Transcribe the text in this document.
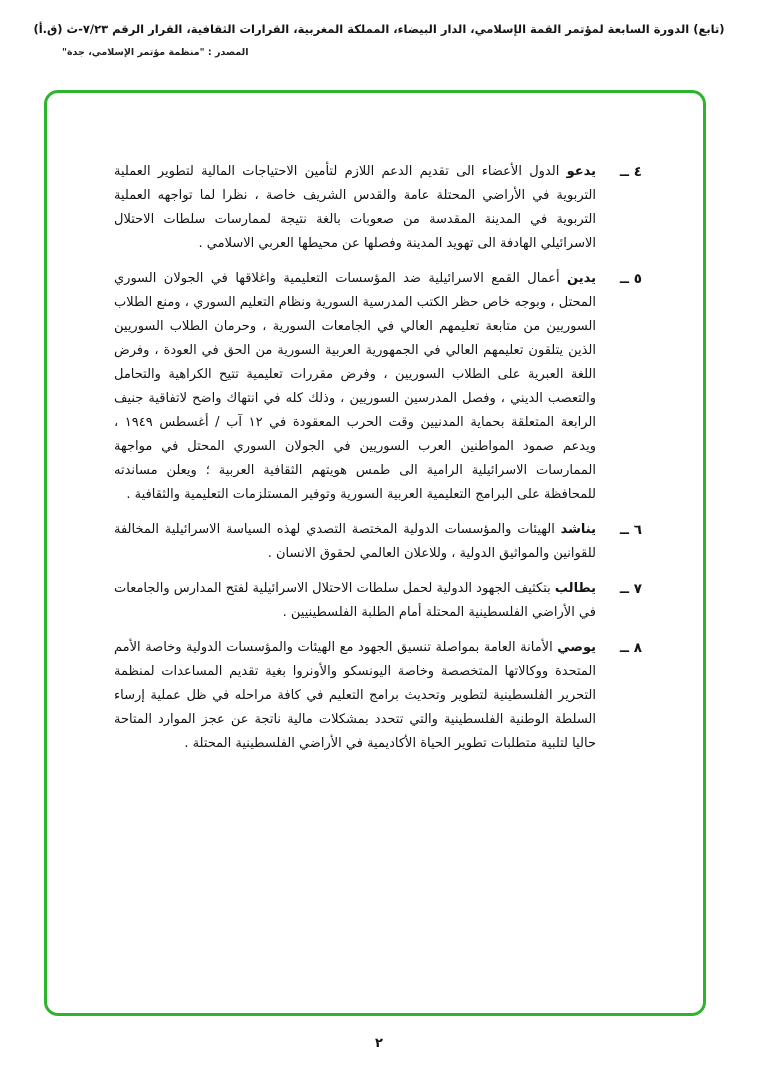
(تابع) الدورة السابعة لمؤتمر القمة الإسلامي، الدار البيضاء، المملكة المغربية، القرارات الثقافية، القرار الرقم ٧/٢٣-ث (ق.أ)
المصدر : "منظمة مؤتمر الإسلامي، جدة"
٤ ــ

يدعو الدول الأعضاء الى تقديم الدعم اللازم لتأمين الاحتياجات المالية لتطوير العملية التربوية في الأراضي المحتلة عامة والقدس الشريف خاصة ، نظرا لما تواجهه العملية التربوية في المدينة المقدسة من صعوبات بالغة نتيجة لممارسات سلطات الاحتلال الاسرائيلي الهادفة الى تهويد المدينة وفصلها عن محيطها العربي الاسلامي .

٥ ــ

يدين أعمال القمع الاسرائيلية ضد المؤسسات التعليمية واغلاقها في الجولان السوري المحتل ، وبوجه خاص حظر الكتب المدرسية السورية ونظام التعليم السوري ، ومنع الطلاب السوريين من متابعة تعليمهم العالي في الجامعات السورية ، وحرمان الطلاب السوريين الذين يتلقون تعليمهم العالي في الجمهورية العربية السورية من الحق في العودة ، وفرض اللغة العبرية على الطلاب السوريين ، وفرض مقررات تعليمية تتيح الكراهية والتحامل والتعصب الديني ، وفصل المدرسين السوريين ، وذلك كله في انتهاك واضح لاتفاقية جنيف الرابعة المتعلقة بحماية المدنيين وقت الحرب المعقودة في ١٢ آب / أغسطس ١٩٤٩ ، ويدعم صمود المواطنين العرب السوريين في الجولان السوري المحتل في مواجهة الممارسات الاسرائيلية الرامية الى طمس هويتهم الثقافية العربية ؛ ويعلن مساندته للمحافظة على البرامج التعليمية العربية السورية وتوفير المستلزمات التعليمية والثقافية .

٦ ــ

يناشد الهيئات والمؤسسات الدولية المختصة التصدي لهذه السياسة الاسرائيلية المخالفة للقوانين والمواثيق الدولية ، وللاعلان العالمي لحقوق الانسان .

٧ ــ

يطالب بتكثيف الجهود الدولية لحمل سلطات الاحتلال الاسرائيلية لفتح المدارس والجامعات في الأراضي الفلسطينية المحتلة أمام الطلبة الفلسطينيين .

٨ ــ

يوصي الأمانة العامة بمواصلة تنسيق الجهود مع الهيئات والمؤسسات الدولية وخاصة الأمم المتحدة ووكالاتها المتخصصة وخاصة اليونسكو والأونروا بغية تقديم المساعدات لمنظمة التحرير الفلسطينية لتطوير وتحديث برامج التعليم في كافة مراحله في ظل عملية إرساء السلطة الوطنية الفلسطينية والتي تتحدد بمشكلات مالية ناتجة عن عجز الموارد المتاحة حاليا لتلبية متطلبات تطوير الحياة الأكاديمية في الأراضي الفلسطينية المحتلة .

٢
